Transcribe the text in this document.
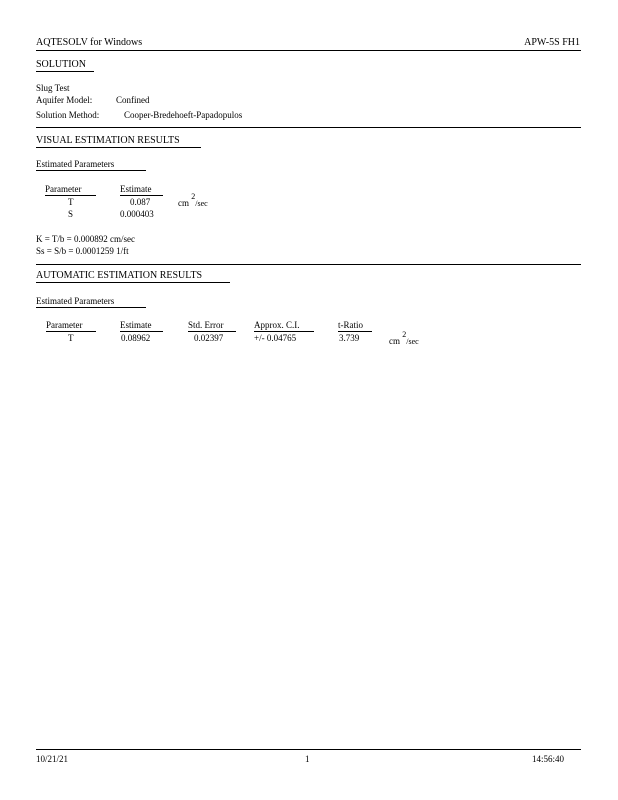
AQTESOLV for Windows	APW-5S FH1
SOLUTION
Slug Test
Aquifer Model:	Confined
Solution Method:	Cooper-Bredehoeft-Papadopulos
VISUAL ESTIMATION RESULTS
Estimated Parameters
Parameter	Estimate
T	0.087	cm $^2$/sec
S	0.000403
K = T/b = 0.000892 cm/sec
Ss = S/b = 0.0001259 1/ft
AUTOMATIC ESTIMATION RESULTS
Estimated Parameters
Parameter	Estimate	Std. Error	Approx. C.I.	t-Ratio
T	0.08962	0.02397	+/- 0.04765	3.739	cm $^2$/sec
10/21/21	1	14:56:40
